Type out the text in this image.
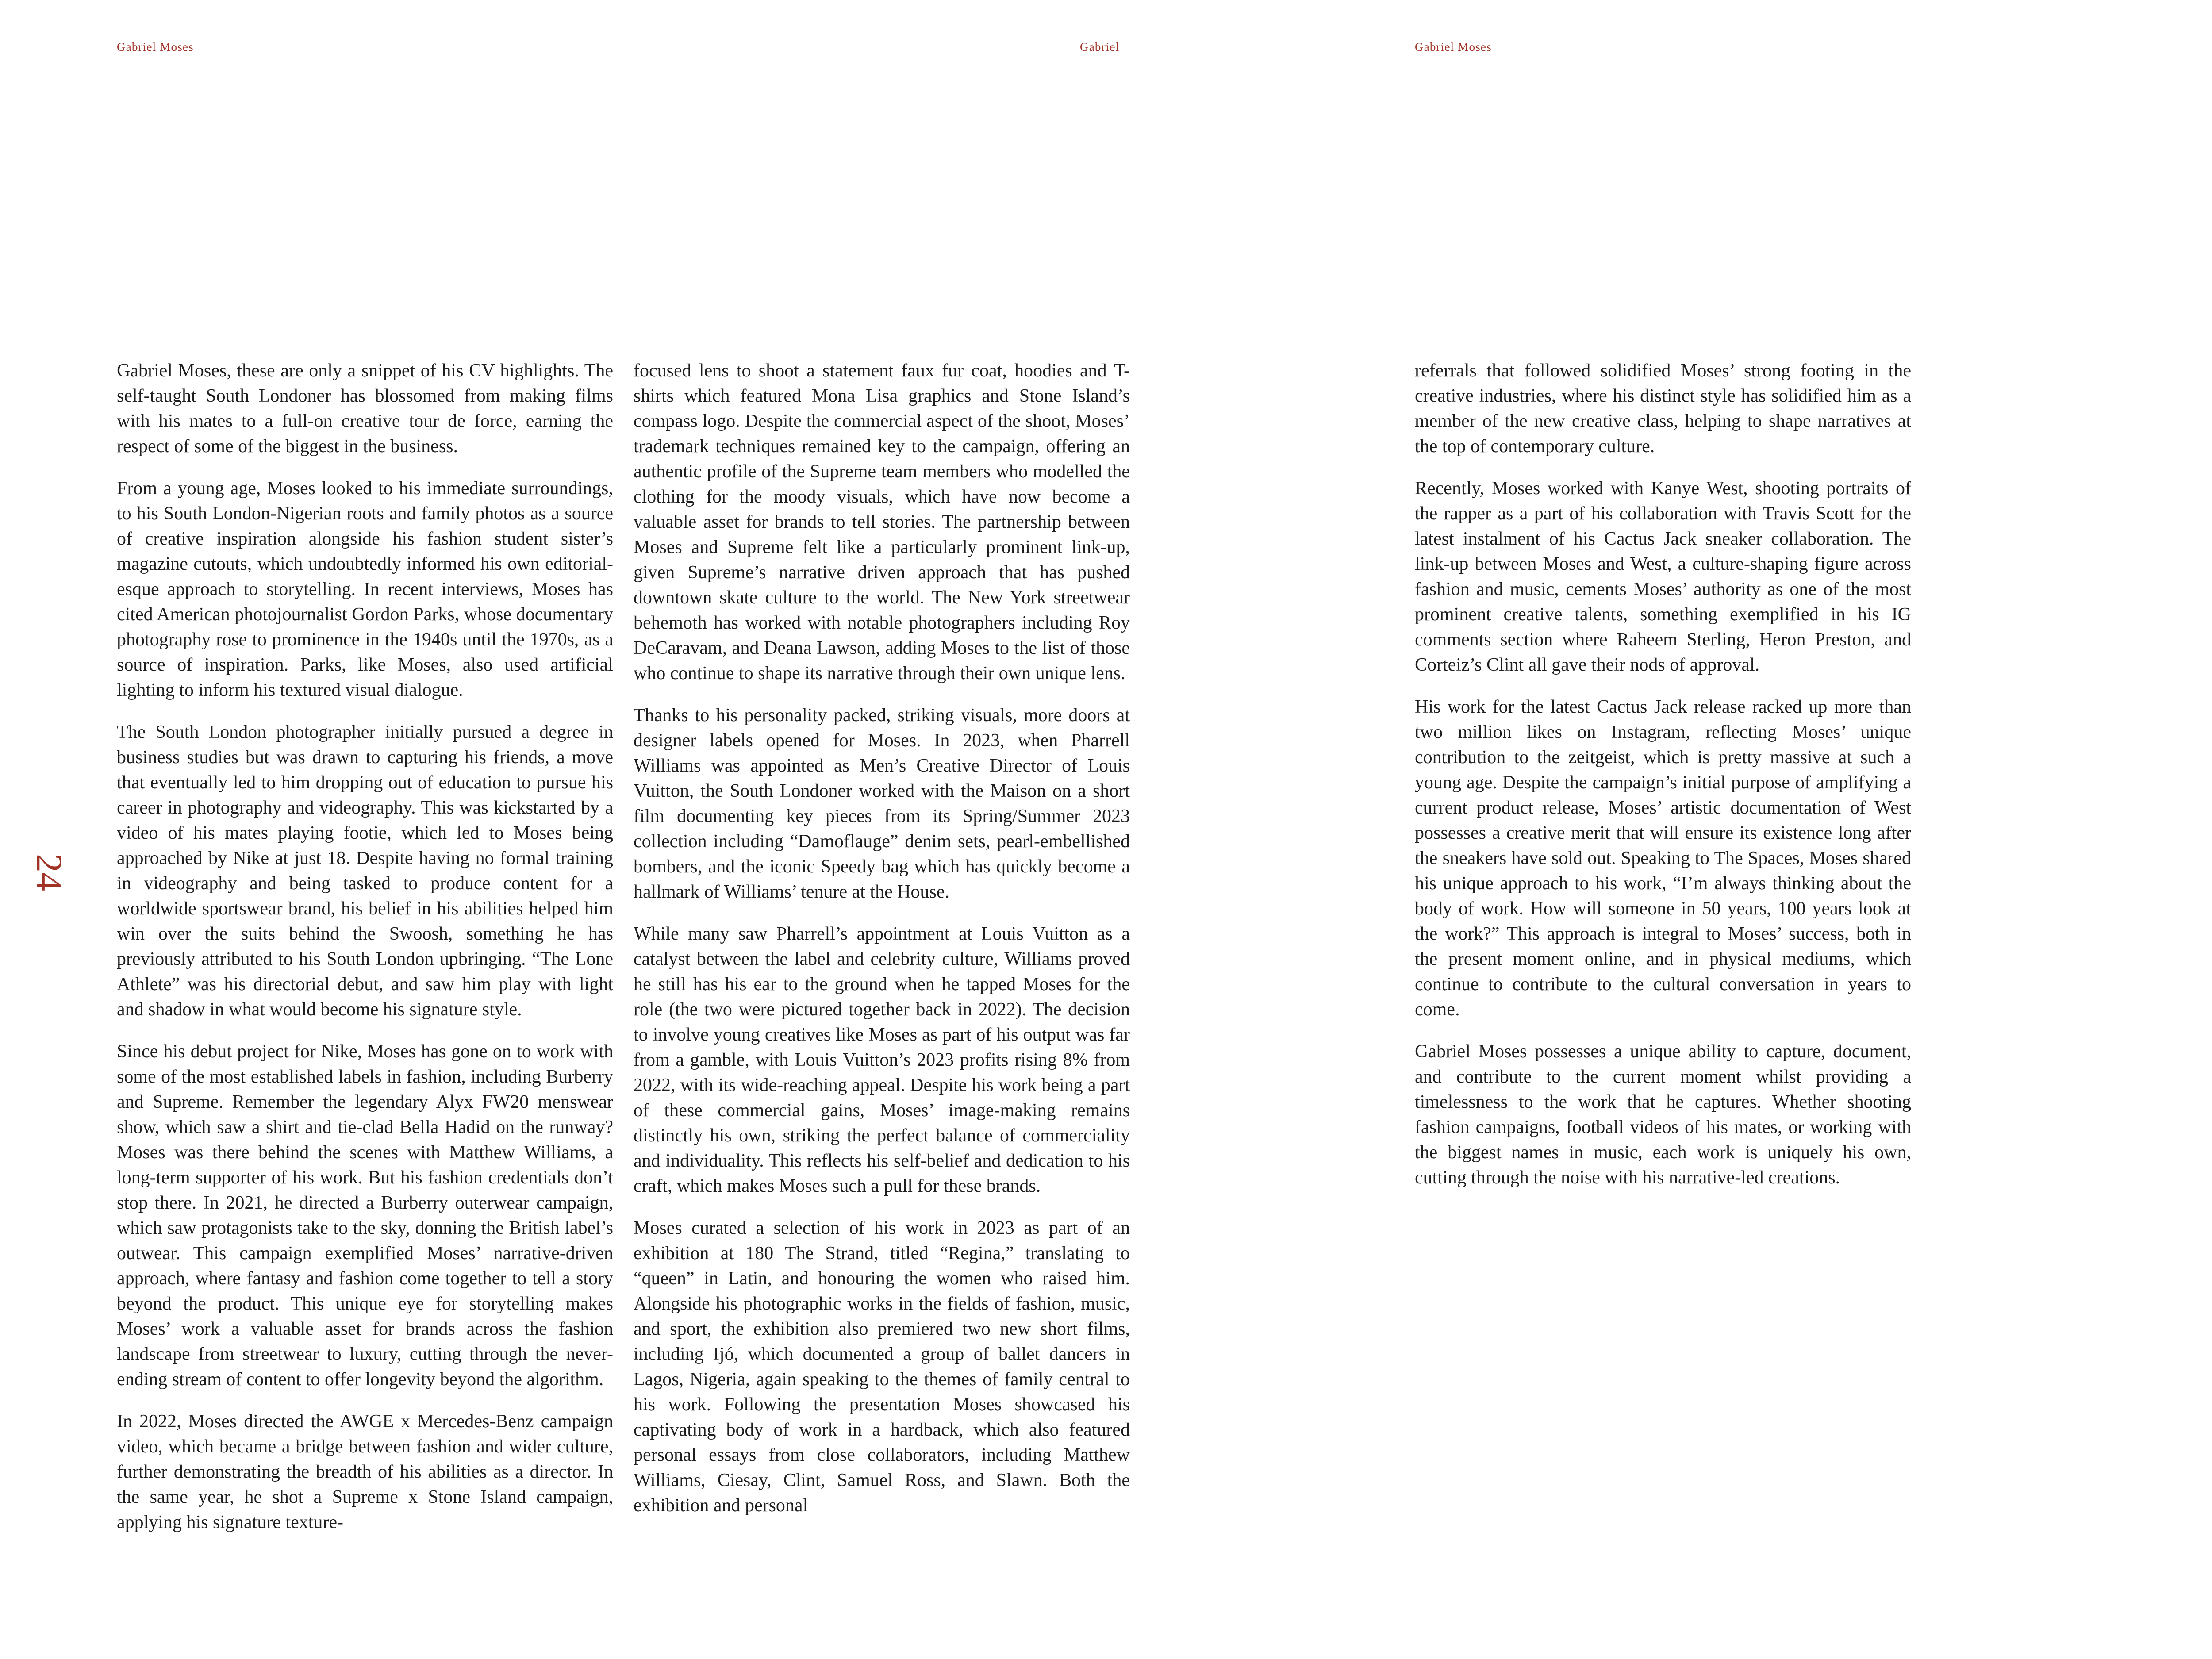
Gabriel Moses	Gabriel

Gabriel Moses, these are only a snippet of his CV highlights. The self-taught South Londoner has blossomed from making films with his mates to a full-on creative tour de force, earning the respect of some of the biggest in the business.

From a young age, Moses looked to his immediate surroundings, to his South London-Nigerian roots and family photos as a source of creative inspiration alongside his fashion student sister’s magazine cutouts, which undoubtedly informed his own editorial-esque approach to storytelling. In recent interviews, Moses has cited American photojournalist Gordon Parks, whose documentary photography rose to prominence in the 1940s until the 1970s, as a source of inspiration. Parks, like Moses, also used artificial lighting to inform his textured visual dialogue.

The South London photographer initially pursued a degree in business studies but was drawn to capturing his friends, a move that eventually led to him dropping out of education to pursue his career in photography and videography. This was kickstarted by a video of his mates playing footie, which led to Moses being approached by Nike at just 18. Despite having no formal training in videography and being tasked to produce content for a worldwide sportswear brand, his belief in his abilities helped him win over the suits behind the Swoosh, something he has previously attributed to his South London upbringing. “The Lone Athlete” was his directorial debut, and saw him play with light and shadow in what would become his signature style.

Since his debut project for Nike, Moses has gone on to work with some of the most established labels in fashion, including Burberry and Supreme. Remember the legendary Alyx FW20 menswear show, which saw a shirt and tie-clad Bella Hadid on the runway? Moses was there behind the scenes with Matthew Williams, a long-term supporter of his work. But his fashion credentials don’t stop there. In 2021, he directed a Burberry outerwear campaign, which saw protagonists take to the sky, donning the British label’s outwear. This campaign exemplified Moses’ narrative-driven approach, where fantasy and fashion come together to tell a story beyond the product. This unique eye for storytelling makes Moses’ work a valuable asset for brands across the fashion landscape from streetwear to luxury, cutting through the never-ending stream of content to offer longevity beyond the algorithm.

In 2022, Moses directed the AWGE x Mercedes-Benz campaign video, which became a bridge between fashion and wider culture, further demonstrating the breadth of his abilities as a director. In the same year, he shot a Supreme x Stone Island campaign, applying his signature texture-

focused lens to shoot a statement faux fur coat, hoodies and T-shirts which featured Mona Lisa graphics and Stone Island’s compass logo. Despite the commercial aspect of the shoot, Moses’ trademark techniques remained key to the campaign, offering an authentic profile of the Supreme team members who modelled the clothing for the moody visuals, which have now become a valuable asset for brands to tell stories. The partnership between Moses and Supreme felt like a particularly prominent link-up, given Supreme’s narrative driven approach that has pushed downtown skate culture to the world. The New York streetwear behemoth has worked with notable photographers including Roy DeCaravam, and Deana Lawson, adding Moses to the list of those who continue to shape its narrative through their own unique lens.

Thanks to his personality packed, striking visuals, more doors at designer labels opened for Moses. In 2023, when Pharrell Williams was appointed as Men’s Creative Director of Louis Vuitton, the South Londoner worked with the Maison on a short film documenting key pieces from its Spring/Summer 2023 collection including “Damoflauge” denim sets, pearl-embellished bombers, and the iconic Speedy bag which has quickly become a hallmark of Williams’ tenure at the House.

While many saw Pharrell’s appointment at Louis Vuitton as a catalyst between the label and celebrity culture, Williams proved he still has his ear to the ground when he tapped Moses for the role (the two were pictured together back in 2022). The decision to involve young creatives like Moses as part of his output was far from a gamble, with Louis Vuitton’s 2023 profits rising 8% from 2022, with its wide-reaching appeal. Despite his work being a part of these commercial gains, Moses’ image-making remains distinctly his own, striking the perfect balance of commerciality and individuality. This reflects his self-belief and dedication to his craft, which makes Moses such a pull for these brands.

Moses curated a selection of his work in 2023 as part of an exhibition at 180 The Strand, titled “Regina,” translating to “queen” in Latin, and honouring the women who raised him. Alongside his photographic works in the fields of fashion, music, and sport, the exhibition also premiered two new short films, including Ijó, which documented a group of ballet dancers in Lagos, Nigeria, again speaking to the themes of family central to his work. Following the presentation Moses showcased his captivating body of work in a hardback, which also featured personal essays from close collaborators, including Matthew Williams, Ciesay, Clint, Samuel Ross, and Slawn. Both the exhibition and personal

Gabriel Moses

referrals that followed solidified Moses’ strong footing in the creative industries, where his distinct style has solidified him as a member of the new creative class, helping to shape narratives at the top of contemporary culture.

Recently, Moses worked with Kanye West, shooting portraits of the rapper as a part of his collaboration with Travis Scott for the latest instalment of his Cactus Jack sneaker collaboration. The link-up between Moses and West, a culture-shaping figure across fashion and music, cements Moses’ authority as one of the most prominent creative talents, something exemplified in his IG comments section where Raheem Sterling, Heron Preston, and Corteiz’s Clint all gave their nods of approval.

His work for the latest Cactus Jack release racked up more than two million likes on Instagram, reflecting Moses’ unique contribution to the zeitgeist, which is pretty massive at such a young age. Despite the campaign’s initial purpose of amplifying a current product release, Moses’ artistic documentation of West possesses a creative merit that will ensure its existence long after the sneakers have sold out. Speaking to The Spaces, Moses shared his unique approach to his work, “I’m always thinking about the body of work. How will someone in 50 years, 100 years look at the work?” This approach is integral to Moses’ success, both in the present moment online, and in physical mediums, which continue to contribute to the cultural conversation in years to come.

Gabriel Moses possesses a unique ability to capture, document, and contribute to the current moment whilst providing a timelessness to the work that he captures. Whether shooting fashion campaigns, football videos of his mates, or working with the biggest names in music, each work is uniquely his own, cutting through the noise with his narrative-led creations.

24
